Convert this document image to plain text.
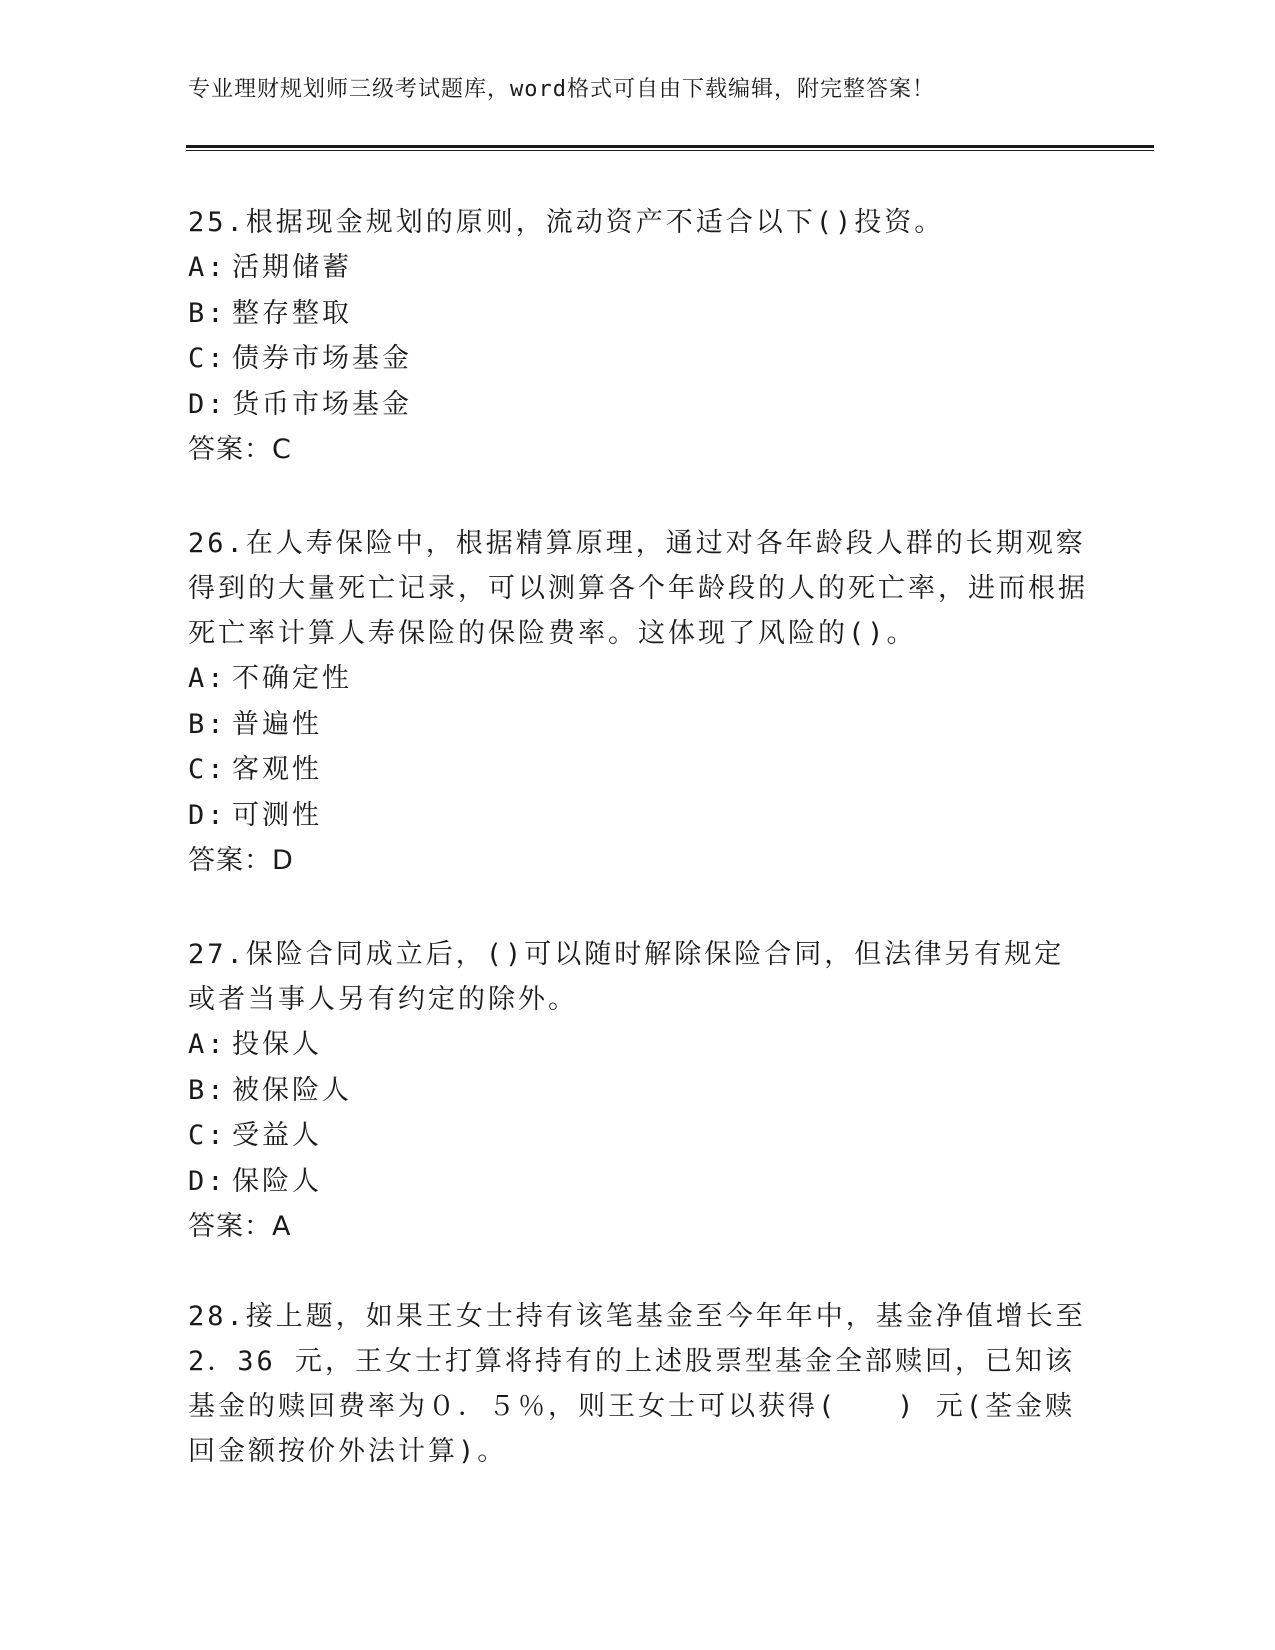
专业理财规划师三级考试题库，word格式可自由下载编辑，附完整答案！

25.根据现金规划的原则，流动资产不适合以下()投资。

A: 活期储蓄
B: 整存整取
C: 债券市场基金
D: 货币市场基金
答案：C

26.在人寿保险中，根据精算原理，通过对各年龄段人群的长期观察得到的大量死亡记录，可以测算各个年龄段的人的死亡率，进而根据死亡率计算人寿保险的保险费率。这体现了风险的()。

A: 不确定性
B: 普遍性
C: 客观性
D: 可测性
答案：D

27.保险合同成立后，()可以随时解除保险合同，但法律另有规定或者当事人另有约定的除外。

A: 投保人
B: 被保险人
C: 受益人
D: 保险人
答案：A

28.接上题，如果王女士持有该笔基金至今年年中，基金净值增长至2．36 元，王女士打算将持有的上述股票型基金全部赎回，已知该基金的赎回费率为０．５％，则王女士可以获得(　　) 元(荃金赎回金额按价外法计算)。
